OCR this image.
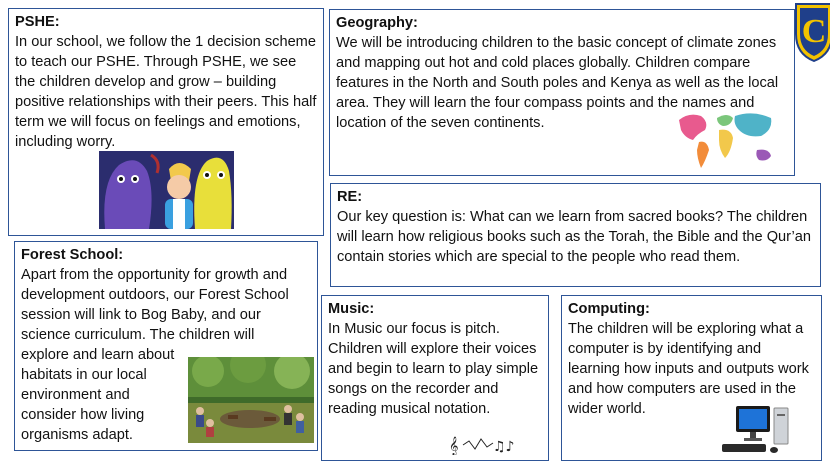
C
PSHE:

In our school, we follow the 1 decision scheme to teach our PSHE. Through PSHE, we see the children develop and grow – building positive relationships with their peers. This half term we will focus on feelings and emotions, including worry.

Geography:

We will be introducing children to the basic concept of climate zones and mapping out hot and cold places globally. Children compare features in the North and South poles and Kenya as well as the local area. They will learn the four compass points and the names and location of the seven continents.

RE:

Our key question is: What can we learn from sacred books? The children will learn how religious books such as the Torah, the Bible and the Qur’an contain stories which are special to the people who read them.

Forest School:

Apart from the opportunity for growth and development outdoors, our Forest School session will link to Bog Baby, and our science curriculum. The children will

explore and learn about habitats in our local environment and consider how living organisms adapt.

Music:

In Music our focus is pitch. Children will explore their voices and begin to learn to play simple songs on the recorder and reading musical notation.

𝄞 ♫♪
Computing:

The children will be exploring what a computer is by identifying and learning how inputs and outputs work and how computers are used in the wider world.
